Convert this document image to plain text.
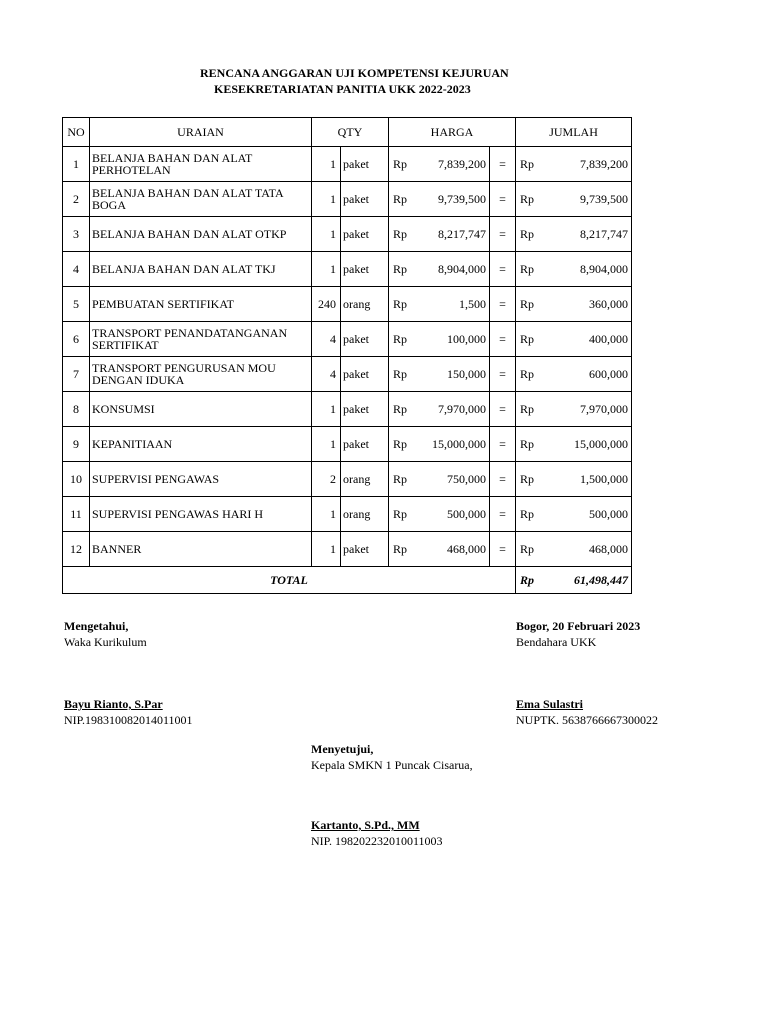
RENCANA ANGGARAN UJI KOMPETENSI KEJURUAN
KESEKRETARIATAN PANITIA UKK 2022-2023
NO	URAIAN	QTY		HARGA			JUMLAH	
1	BELANJA BAHAN DAN ALAT PERHOTELAN	1	paket	Rp	7,839,200	=	Rp	7,839,200
2	BELANJA BAHAN DAN ALAT TATA BOGA	1	paket	Rp	9,739,500	=	Rp	9,739,500
3	BELANJA BAHAN DAN ALAT OTKP	1	paket	Rp	8,217,747	=	Rp	8,217,747
4	BELANJA BAHAN DAN ALAT TKJ	1	paket	Rp	8,904,000	=	Rp	8,904,000
5	PEMBUATAN SERTIFIKAT	240	orang	Rp	1,500	=	Rp	360,000
6	TRANSPORT PENANDATANGANAN SERTIFIKAT	4	paket	Rp	100,000	=	Rp	400,000
7	TRANSPORT PENGURUSAN MOU DENGAN IDUKA	4	paket	Rp	150,000	=	Rp	600,000
8	KONSUMSI	1	paket	Rp	7,970,000	=	Rp	7,970,000
9	KEPANITIAAN	1	paket	Rp	15,000,000	=	Rp	15,000,000
10	SUPERVISI PENGAWAS	2	orang	Rp	750,000	=	Rp	1,500,000
11	SUPERVISI PENGAWAS HARI H	1	orang	Rp	500,000	=	Rp	500,000
12	BANNER	1	paket	Rp	468,000	=	Rp	468,000
TOTAL							Rp	61,498,447
Mengetahui,
Waka Kurikulum
Bayu Rianto, S.Par
NIP.198310082014011001
Bogor, 20 Februari 2023
Bendahara UKK
Ema Sulastri
NUPTK. 5638766667300022
Menyetujui,
Kepala SMKN 1 Puncak Cisarua,
Kartanto, S.Pd., MM
NIP. 198202232010011003
